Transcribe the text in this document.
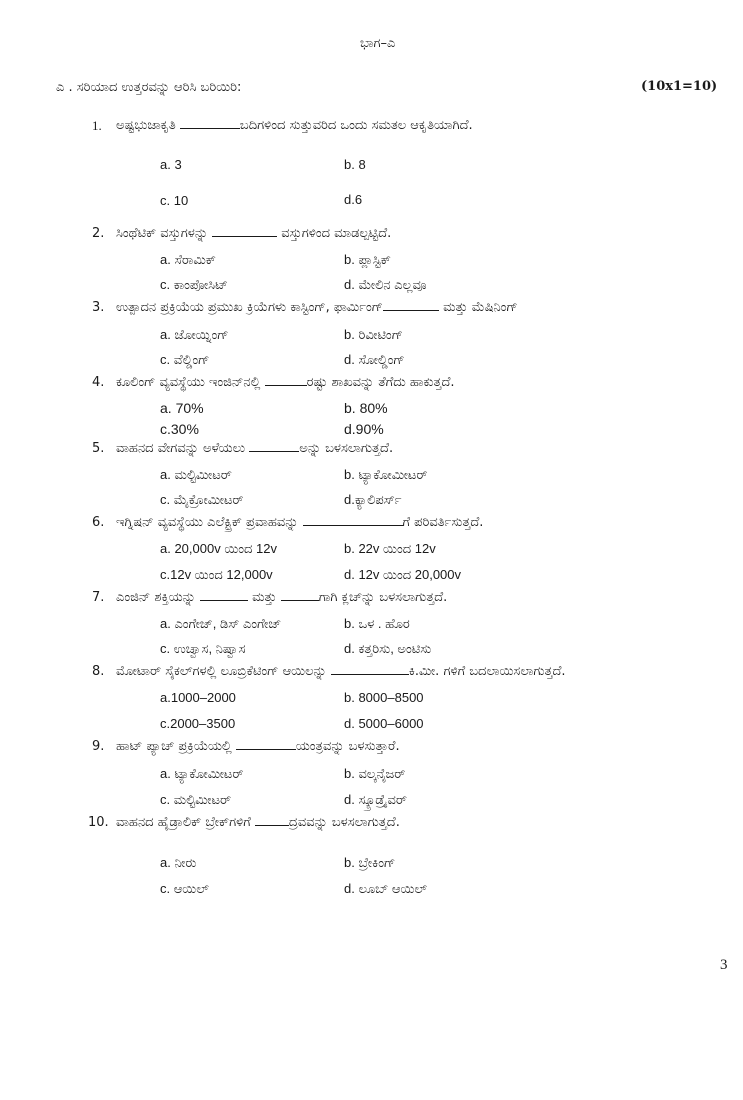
ಭಾಗ–ಎ
ಎ . ಸರಿಯಾದ ಉತ್ತರವನ್ನು ಆರಿಸಿ ಬರಿಯಿರಿ:	(10x1=10)
1. ಅಷ್ಟಭುಜಾಕೃತಿ	ಬದಿಗಳಿಂದ ಸುತ್ತುವರಿದ ಒಂದು ಸಮತಲ ಆಕೃತಿಯಾಗಿದೆ.
a. 3	b. 8
c. 10	d.6
2. ಸಿಂಥೆಟಿಕ್ ವಸ್ತುಗಳನ್ನು	ವಸ್ತುಗಳಿಂದ ಮಾಡಲ್ಪಟ್ಟಿದೆ.
a. ಸೆರಾಮಿಕ್	b. ಪ್ಲಾಸ್ಟಿಕ್
c. ಕಾಂಪೋಸಿಟ್	d. ಮೇಲಿನ ಎಲ್ಲವೂ
3. ಉತ್ಪಾದನ ಪ್ರಕ್ರಿಯೆಯ ಪ್ರಮುಖ ಕ್ರಿಯೆಗಳು ಕಾಸ್ಟಿಂಗ್, ಫಾರ್ಮಿಂಗ್	ಮತ್ತು ಮೆಷಿನಿಂಗ್
a. ಜೋಯ್ನಿಂಗ್	b. ರಿವೀಟಿಂಗ್
c. ವೆಲ್ಡಿಂಗ್	d. ಸೋಲ್ಡಿಂಗ್
4. ಕೂಲಿಂಗ್ ವ್ಯವಸ್ಥೆಯು ಇಂಜಿನ್‌ನಲ್ಲಿ	ರಷ್ಟು ಶಾಖವನ್ನು ತೆಗೆದು ಹಾಕುತ್ತದೆ.
a. 70%	b. 80%
c.30%	d.90%
5. ವಾಹನದ ವೇಗವನ್ನು ಅಳೆಯಲು	ಅನ್ನು ಬಳಸಲಾಗುತ್ತದೆ.
a. ಮಲ್ಟಿಮೀಟರ್	b. ಟ್ಯಾಕೋಮೀಟರ್
c. ಮೈಕ್ರೋಮೀಟರ್	d.ಕ್ಯಾಲಿಪರ್ಸ್
6. ಇಗ್ನಿಷನ್ ವ್ಯವಸ್ಥೆಯು ಎಲೆಕ್ಟ್ರಿಕ್ ಪ್ರವಾಹವನ್ನು	ಗೆ ಪರಿವರ್ತಿಸುತ್ತದೆ.
a. 20,000v ಯಿಂದ 12v	b. 22v ಯಿಂದ 12v
c.12v ಯಿಂದ 12,000v	d. 12v ಯಿಂದ 20,000v
7. ಎಂಜಿನ್ ಶಕ್ತಿಯನ್ನು	ಮತ್ತು	ಗಾಗಿ ಕ್ಲಚ್‌ನ್ನು ಬಳಸಲಾಗುತ್ತದೆ.
a. ಎಂಗೇಜ್, ಡಿಸ್ ಎಂಗೇಜ್	b. ಒಳ . ಹೊರ
c. ಉಚ್ವಾಸ, ನಿಷ್ವಾಸ	d. ಕತ್ತರಿಸು, ಅಂಟಿಸು
8. ಮೋಟಾರ್ ಸೈಕಲ್‌ಗಳಲ್ಲಿ ಲೂಬ್ರಿಕೆಟಿಂಗ್ ಆಯಿಲನ್ನು	ಕಿ.ಮೀ. ಗಳಿಗೆ ಬದಲಾಯಿಸಲಾಗುತ್ತದೆ.
a.1000–2000	b. 8000–8500
c.2000–3500	d. 5000–6000
9. ಹಾಟ್ ಪ್ಯಾಚ್ ಪ್ರಕ್ರಿಯೆಯಲ್ಲಿ	ಯಂತ್ರವನ್ನು ಬಳಸುತ್ತಾರೆ.
a. ಟ್ಯಾಕೋಮೀಟರ್	b. ವಲ್ಕನೈಜರ್
c. ಮಲ್ಟಿಮೀಟರ್	d. ಸ್ಕ್ರೂಡ್ರೈವರ್
10. ವಾಹನದ ಹೈಡ್ರಾಲಿಕ್ ಬ್ರೇಕ್‌ಗಳಿಗೆ	ದ್ರವವನ್ನು ಬಳಸಲಾಗುತ್ತದೆ.
a. ನೀರು	b. ಬ್ರೇಕಿಂಗ್
c. ಆಯಿಲ್	d. ಲೂಬ್ ಆಯಿಲ್
3
